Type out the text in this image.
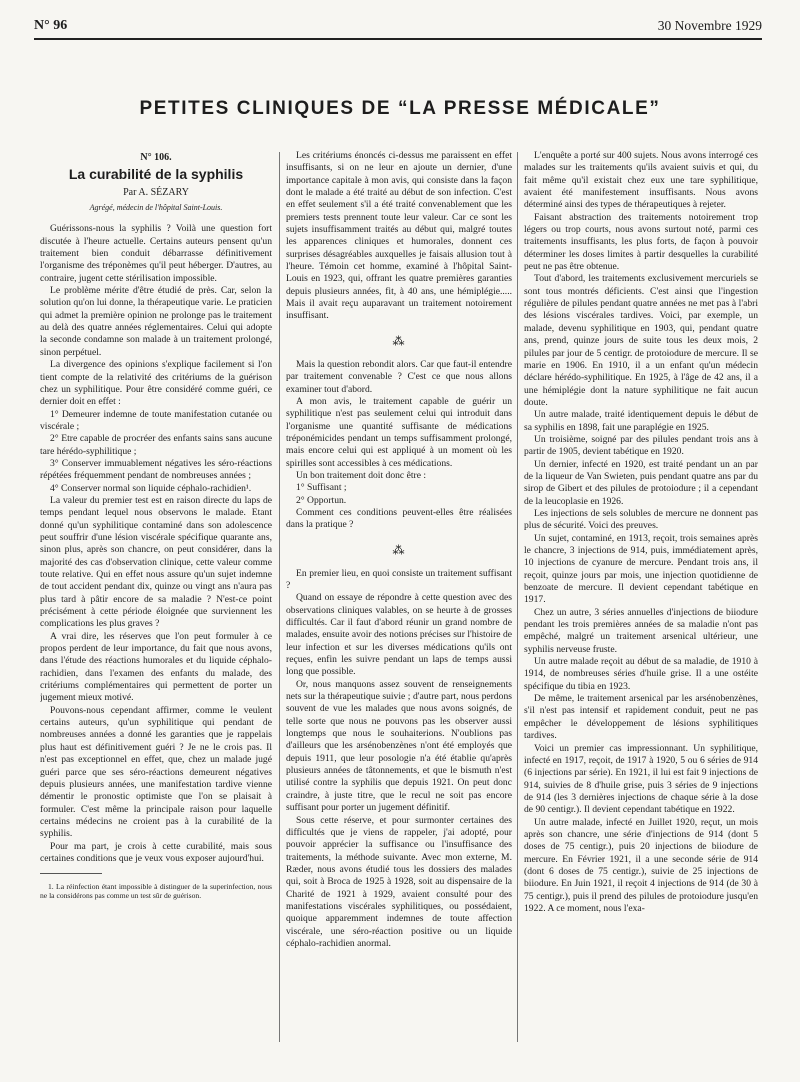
N° 96	30 Novembre 1929
PETITES CLINIQUES DE “LA PRESSE MÉDICALE”
N° 106.
La curabilité de la syphilis
Par A. SÉZARY
Agrégé, médecin de l'hôpital Saint-Louis.

Guérissons-nous la syphilis ? Voilà une question fort discutée à l'heure actuelle. Certains auteurs pensent qu'un traitement bien conduit débarrasse définitivement l'organisme des tréponèmes qu'il peut héberger. D'autres, au contraire, jugent cette stérilisation impossible.

Le problème mérite d'être étudié de près. Car, selon la solution qu'on lui donne, la thérapeutique varie. Le praticien qui admet la première opinion ne prolonge pas le traitement au delà des quatre années réglementaires. Celui qui adopte la seconde condamne son malade à un traitement prolongé, sinon perpétuel.

La divergence des opinions s'explique facilement si l'on tient compte de la relativité des critériums de la guérison chez un syphilitique. Pour être considéré comme guéri, ce dernier doit en effet :

1° Demeurer indemne de toute manifestation cutanée ou viscérale ;

2° Etre capable de procréer des enfants sains sans aucune tare hérédo-syphilitique ;

3° Conserver immuablement négatives les séro-réactions répétées fréquemment pendant de nombreuses années ;

4° Conserver normal son liquide céphalo-rachidien¹.

La valeur du premier test est en raison directe du laps de temps pendant lequel nous observons le malade. Etant donné qu'un syphilitique contaminé dans son adolescence peut souffrir d'une lésion viscérale spécifique quarante ans, sinon plus, après son chancre, on peut considérer, dans la majorité des cas d'observation clinique, cette valeur comme toute relative. Qui en effet nous assure qu'un sujet indemne de tout accident pendant dix, quinze ou vingt ans n'aura pas plus tard à pâtir encore de sa maladie ? N'est-ce point précisément à cette période éloignée que surviennent les complications les plus graves ?

A vrai dire, les réserves que l'on peut formuler à ce propos perdent de leur importance, du fait que nous avons, dans l'étude des réactions humorales et du liquide céphalo-rachidien, dans l'examen des enfants du malade, des critériums complémentaires qui permettent de porter un jugement mieux motivé.

Pouvons-nous cependant affirmer, comme le veulent certains auteurs, qu'un syphilitique qui pendant de nombreuses années a donné les garanties que je rappelais plus haut est définitivement guéri ? Je ne le crois pas. Il n'est pas exceptionnel en effet, que, chez un malade jugé guéri parce que ses séro-réactions demeurent négatives depuis plusieurs années, une manifestation tardive vienne démentir le pronostic optimiste que l'on se plaisait à formuler. C'est même la principale raison pour laquelle certains médecins ne croient pas à la curabilité de la syphilis.

Pour ma part, je crois à cette curabilité, mais sous certaines conditions que je veux vous exposer aujourd'hui.

1. La réinfection étant impossible à distinguer de la superinfection, nous ne la considérons pas comme un test sûr de guérison.

Les critériums énoncés ci-dessus me paraissent en effet insuffisants, si on ne leur en ajoute un dernier, d'une importance capitale à mon avis, qui consiste dans la façon dont le malade a été traité au début de son infection. C'est en effet seulement s'il a été traité convenablement que les premiers tests prennent toute leur valeur. Car ce sont les sujets insuffisamment traités au début qui, malgré toutes les apparences cliniques et humorales, donnent ces surprises désagréables auxquelles je faisais allusion tout à l'heure. Témoin cet homme, examiné à l'hôpital Saint-Louis en 1923, qui, offrant les quatre premières garanties depuis plusieurs années, fit, à 40 ans, une hémiplégie..... Mais il avait reçu auparavant un traitement notoirement insuffisant.

⁂

Mais la question rebondit alors. Car que faut-il entendre par traitement convenable ? C'est ce que nous allons examiner tout d'abord.

A mon avis, le traitement capable de guérir un syphilitique n'est pas seulement celui qui introduit dans l'organisme une quantité suffisante de médications tréponémicides pendant un temps suffisamment prolongé, mais encore celui qui est appliqué à un moment où les spirilles sont accessibles à ces médications.

Un bon traitement doit donc être :

1° Suffisant ;

2° Opportun.

Comment ces conditions peuvent-elles être réalisées dans la pratique ?

⁂

En premier lieu, en quoi consiste un traitement suffisant ?

Quand on essaye de répondre à cette question avec des observations cliniques valables, on se heurte à de grosses difficultés. Car il faut d'abord réunir un grand nombre de malades, ensuite avoir des notions précises sur l'histoire de leur infection et sur les diverses médications qu'ils ont reçues, enfin les suivre pendant un laps de temps aussi long que possible.

Or, nous manquons assez souvent de renseignements nets sur la thérapeutique suivie ; d'autre part, nous perdons souvent de vue les malades que nous avons soignés, de telle sorte que nous ne pouvons pas les observer aussi longtemps que nous le souhaiterions. N'oublions pas d'ailleurs que les arsénobenzènes n'ont été employés que depuis 1911, que leur posologie n'a été établie qu'après plusieurs années de tâtonnements, et que le bismuth n'est utilisé contre la syphilis que depuis 1921. On peut donc craindre, à juste titre, que le recul ne soit pas encore suffisant pour porter un jugement définitif.

Sous cette réserve, et pour surmonter certaines des difficultés que je viens de rappeler, j'ai adopté, pour pouvoir apprécier la suffisance ou l'insuffisance des traitements, la méthode suivante. Avec mon externe, M. Ræder, nous avons étudié tous les dossiers des malades qui, soit à Broca de 1925 à 1928, soit au dispensaire de la Charité de 1921 à 1929, avaient consulté pour des manifestations viscérales syphilitiques, ou possédaient, quoique apparemment indemnes de toute affection viscérale, une séro-réaction positive ou un liquide céphalo-rachidien anormal.

L'enquête a porté sur 400 sujets. Nous avons interrogé ces malades sur les traitements qu'ils avaient suivis et qui, du fait même qu'il existait chez eux une tare syphilitique, avaient été manifestement insuffisants. Nous avons déterminé ainsi des types de thérapeutiques à rejeter.

Faisant abstraction des traitements notoirement trop légers ou trop courts, nous avons surtout noté, parmi ces traitements insuffisants, les plus forts, de façon à pouvoir déterminer les doses limites à partir desquelles la curabilité peut ne pas être obtenue.

Tout d'abord, les traitements exclusivement mercuriels se sont tous montrés déficients. C'est ainsi que l'ingestion régulière de pilules pendant quatre années ne met pas à l'abri des lésions viscérales tardives. Voici, par exemple, un malade, devenu syphilitique en 1903, qui, pendant quatre ans, prend, quinze jours de suite tous les deux mois, 2 pilules par jour de 5 centigr. de protoiodure de mercure. Il se marie en 1906. En 1910, il a un enfant qu'un médecin déclare hérédo-syphilitique. En 1925, à l'âge de 42 ans, il a une hémiplégie dont la nature syphilitique ne fait aucun doute.

Un autre malade, traité identiquement depuis le début de sa syphilis en 1898, fait une paraplégie en 1925.

Un troisième, soigné par des pilules pendant trois ans à partir de 1905, devient tabétique en 1920.

Un dernier, infecté en 1920, est traité pendant un an par de la liqueur de Van Swieten, puis pendant quatre ans par du sirop de Gibert et des pilules de protoiodure ; il a cependant de la leucoplasie en 1926.

Les injections de sels solubles de mercure ne donnent pas plus de sécurité. Voici des preuves.

Un sujet, contaminé, en 1913, reçoit, trois semaines après le chancre, 3 injections de 914, puis, immédiatement après, 10 injections de cyanure de mercure. Pendant trois ans, il reçoit, quinze jours par mois, une injection quotidienne de benzoate de mercure. Il devient cependant tabétique en 1917.

Chez un autre, 3 séries annuelles d'injections de biiodure pendant les trois premières années de sa maladie n'ont pas empêché, malgré un traitement arsenical ultérieur, une syphilis nerveuse fruste.

Un autre malade reçoit au début de sa maladie, de 1910 à 1914, de nombreuses séries d'huile grise. Il a une ostéite spécifique du tibia en 1923.

De même, le traitement arsenical par les arsénobenzènes, s'il n'est pas intensif et rapidement conduit, peut ne pas empêcher le développement de lésions syphilitiques tardives.

Voici un premier cas impressionnant. Un syphilitique, infecté en 1917, reçoit, de 1917 à 1920, 5 ou 6 séries de 914 (6 injections par série). En 1921, il lui est fait 9 injections de 914, suivies de 8 d'huile grise, puis 3 séries de 9 injections de 914 (les 3 dernières injections de chaque série à la dose de 90 centigr.). Il devient cependant tabétique en 1922.

Un autre malade, infecté en Juillet 1920, reçut, un mois après son chancre, une série d'injections de 914 (dont 5 doses de 75 centigr.), puis 20 injections de biiodure de mercure. En Février 1921, il a une seconde série de 914 (dont 6 doses de 75 centigr.), suivie de 25 injections de biiodure. En Juin 1921, il reçoit 4 injections de 914 (de 30 à 75 centigr.), puis il prend des pilules de protoiodure jusqu'en 1922. A ce moment, nous l'exa-
